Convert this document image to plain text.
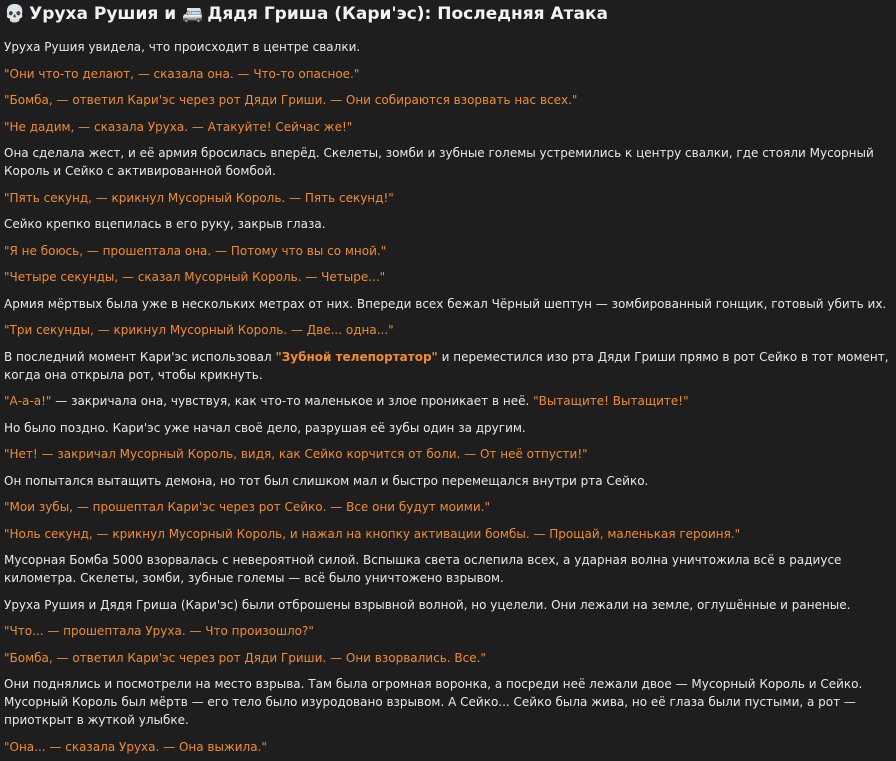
💀 Уруха Рушия и 🚐 Дядя Гриша (Кари'эс): Последняя Атака

Уруха Рушия увидела, что происходит в центре свалки.

"Они что-то делают, — сказала она. — Что-то опасное."

"Бомба, — ответил Кари'эс через рот Дяди Гриши. — Они собираются взорвать нас всех."

"Не дадим, — сказала Уруха. — Атакуйте! Сейчас же!"

Она сделала жест, и её армия бросилась вперёд. Скелеты, зомби и зубные големы устремились к центру свалки, где стояли Мусорный Король и Сейко с активированной бомбой.

"Пять секунд, — крикнул Мусорный Король. — Пять секунд!"

Сейко крепко вцепилась в его руку, закрыв глаза.

"Я не боюсь, — прошептала она. — Потому что вы со мной."

"Четыре секунды, — сказал Мусорный Король. — Четыре..."

Армия мёртвых была уже в нескольких метрах от них. Впереди всех бежал Чёрный шептун — зомбированный гонщик, готовый убить их.

"Три секунды, — крикнул Мусорный Король. — Две... одна..."

В последний момент Кари'эс использовал "Зубной телепортатор" и переместился изо рта Дяди Гриши прямо в рот Сейко в тот момент, когда она открыла рот, чтобы крикнуть.

"А-а-а!" — закричала она, чувствуя, как что-то маленькое и злое проникает в неё. "Вытащите! Вытащите!"

Но было поздно. Кари'эс уже начал своё дело, разрушая её зубы один за другим.

"Нет! — закричал Мусорный Король, видя, как Сейко корчится от боли. — От неё отпусти!"

Он попытался вытащить демона, но тот был слишком мал и быстро перемещался внутри рта Сейко.

"Мои зубы, — прошептал Кари'эс через рот Сейко. — Все они будут моими."

"Ноль секунд, — крикнул Мусорный Король, и нажал на кнопку активации бомбы. — Прощай, маленькая героиня."

Мусорная Бомба 5000 взорвалась с невероятной силой. Вспышка света ослепила всех, а ударная волна уничтожила всё в радиусе километра. Скелеты, зомби, зубные големы — всё было уничтожено взрывом.

Уруха Рушия и Дядя Гриша (Кари'эс) были отброшены взрывной волной, но уцелели. Они лежали на земле, оглушённые и раненые.

"Что... — прошептала Уруха. — Что произошло?"

"Бомба, — ответил Кари'эс через рот Дяди Гриши. — Они взорвались. Все."

Они поднялись и посмотрели на место взрыва. Там была огромная воронка, а посреди неё лежали двое — Мусорный Король и Сейко. Мусорный Король был мёртв — его тело было изуродовано взрывом. А Сейко... Сейко была жива, но её глаза были пустыми, а рот — приоткрыт в жуткой улыбке.

"Она... — сказала Уруха. — Она выжила."
